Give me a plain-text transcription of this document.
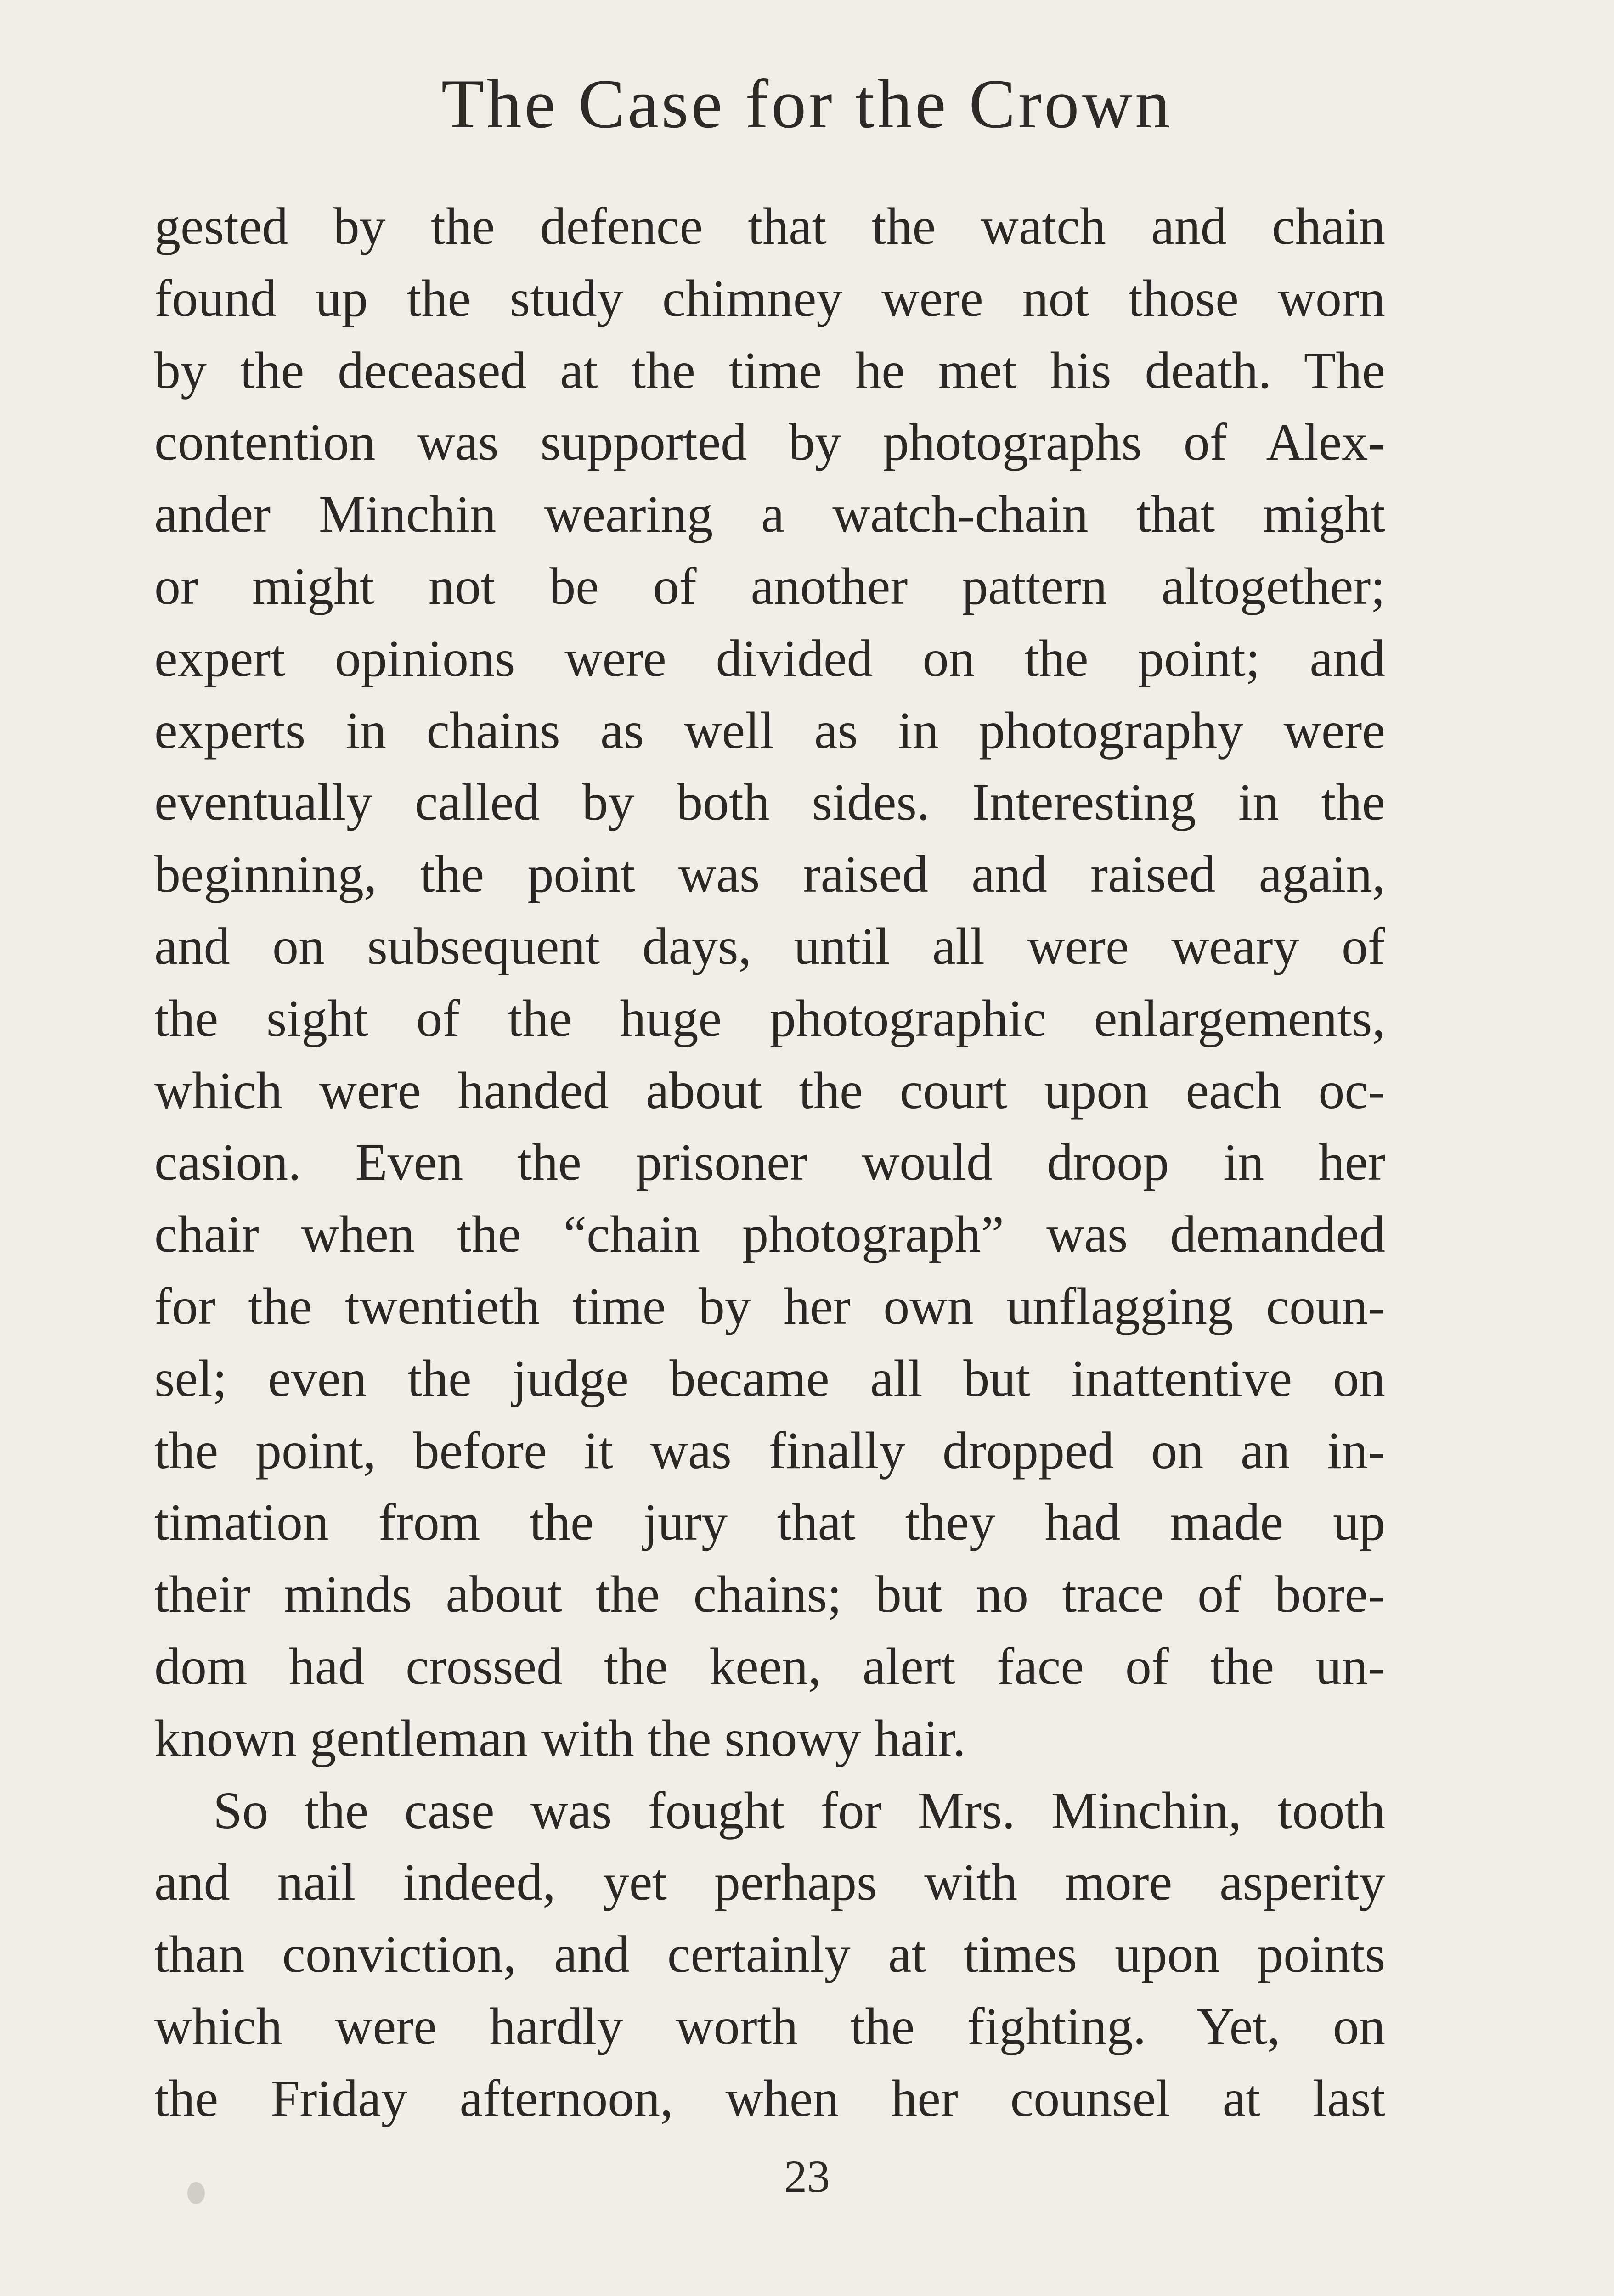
The Case for the Crown
gested by the defence that the watch and chain
found up the study chimney were not those worn
by the deceased at the time he met his death. The
contention was supported by photographs of Alex-
ander Minchin wearing a watch-chain that might
or might not be of another pattern altogether;
expert opinions were divided on the point; and
experts in chains as well as in photography were
eventually called by both sides. Interesting in the
beginning, the point was raised and raised again,
and on subsequent days, until all were weary of
the sight of the huge photographic enlargements,
which were handed about the court upon each oc-
casion. Even the prisoner would droop in her
chair when the “chain photograph” was demanded
for the twentieth time by her own unflagging coun-
sel; even the judge became all but inattentive on
the point, before it was finally dropped on an in-
timation from the jury that they had made up
their minds about the chains; but no trace of bore-
dom had crossed the keen, alert face of the un-
known gentleman with the snowy hair.
So the case was fought for Mrs. Minchin, tooth
and nail indeed, yet perhaps with more asperity
than conviction, and certainly at times upon points
which were hardly worth the fighting. Yet, on
the Friday afternoon, when her counsel at last
23
